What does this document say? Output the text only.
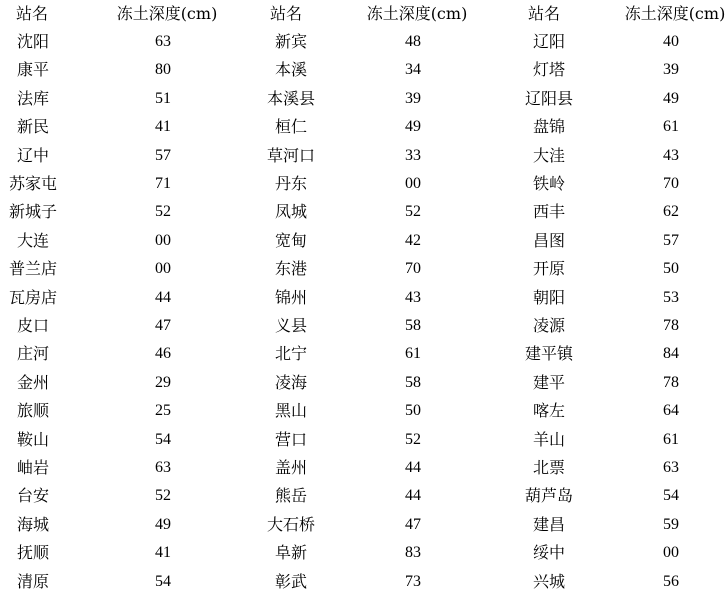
站名	冻土深度(cm)
沈阳	63
康平	80
法库	51
新民	41
辽中	57
苏家屯	71
新城子	52
大连	00
普兰店	00
瓦房店	44
皮口	47
庄河	46
金州	29
旅顺	25
鞍山	54
岫岩	63
台安	52
海城	49
抚顺	41
清原	54
站名	冻土深度(cm)
新宾	48
本溪	34
本溪县	39
桓仁	49
草河口	33
丹东	00
凤城	52
宽甸	42
东港	70
锦州	43
义县	58
北宁	61
凌海	58
黑山	50
营口	52
盖州	44
熊岳	44
大石桥	47
阜新	83
彰武	73
站名	冻土深度(cm)
辽阳	40
灯塔	39
辽阳县	49
盘锦	61
大洼	43
铁岭	70
西丰	62
昌图	57
开原	50
朝阳	53
凌源	78
建平镇	84
建平	78
喀左	64
羊山	61
北票	63
葫芦岛	54
建昌	59
绥中	00
兴城	56
